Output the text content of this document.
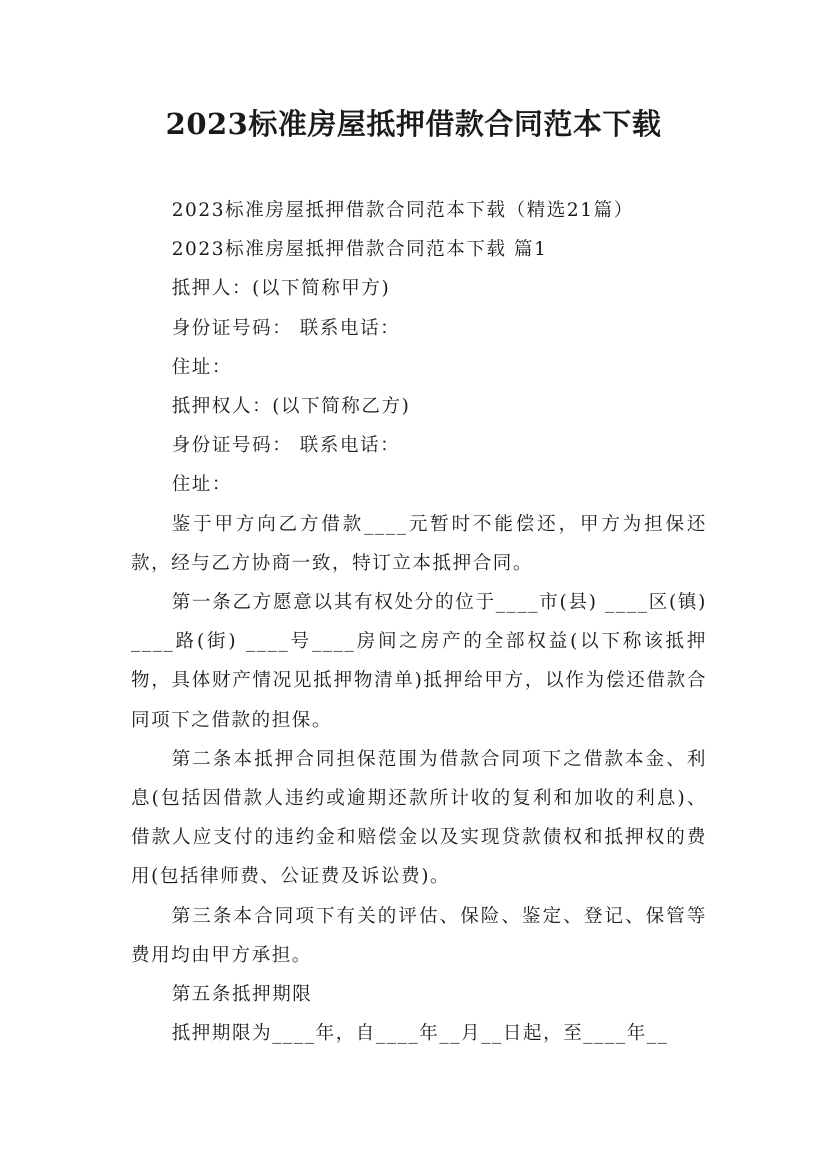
2023标准房屋抵押借款合同范本下载

2023标准房屋抵押借款合同范本下载（精选21篇）

2023标准房屋抵押借款合同范本下载 篇1

抵押人：(以下简称甲方)

身份证号码： 联系电话：

住址：

抵押权人：(以下简称乙方)

身份证号码： 联系电话：

住址：

鉴于甲方向乙方借款____元暂时不能偿还，甲方为担保还款，经与乙方协商一致，特订立本抵押合同。

第一条乙方愿意以其有权处分的位于____市(县) ____区(镇) ____路(街) ____号____房间之房产的全部权益(以下称该抵押物，具体财产情况见抵押物清单)抵押给甲方，以作为偿还借款合同项下之借款的担保。

第二条本抵押合同担保范围为借款合同项下之借款本金、利息(包括因借款人违约或逾期还款所计收的复利和加收的利息)、借款人应支付的违约金和赔偿金以及实现贷款债权和抵押权的费用(包括律师费、公证费及诉讼费)。

第三条本合同项下有关的评估、保险、鉴定、登记、保管等费用均由甲方承担。

第五条抵押期限

抵押期限为____年，自____年__月__日起，至____年__
